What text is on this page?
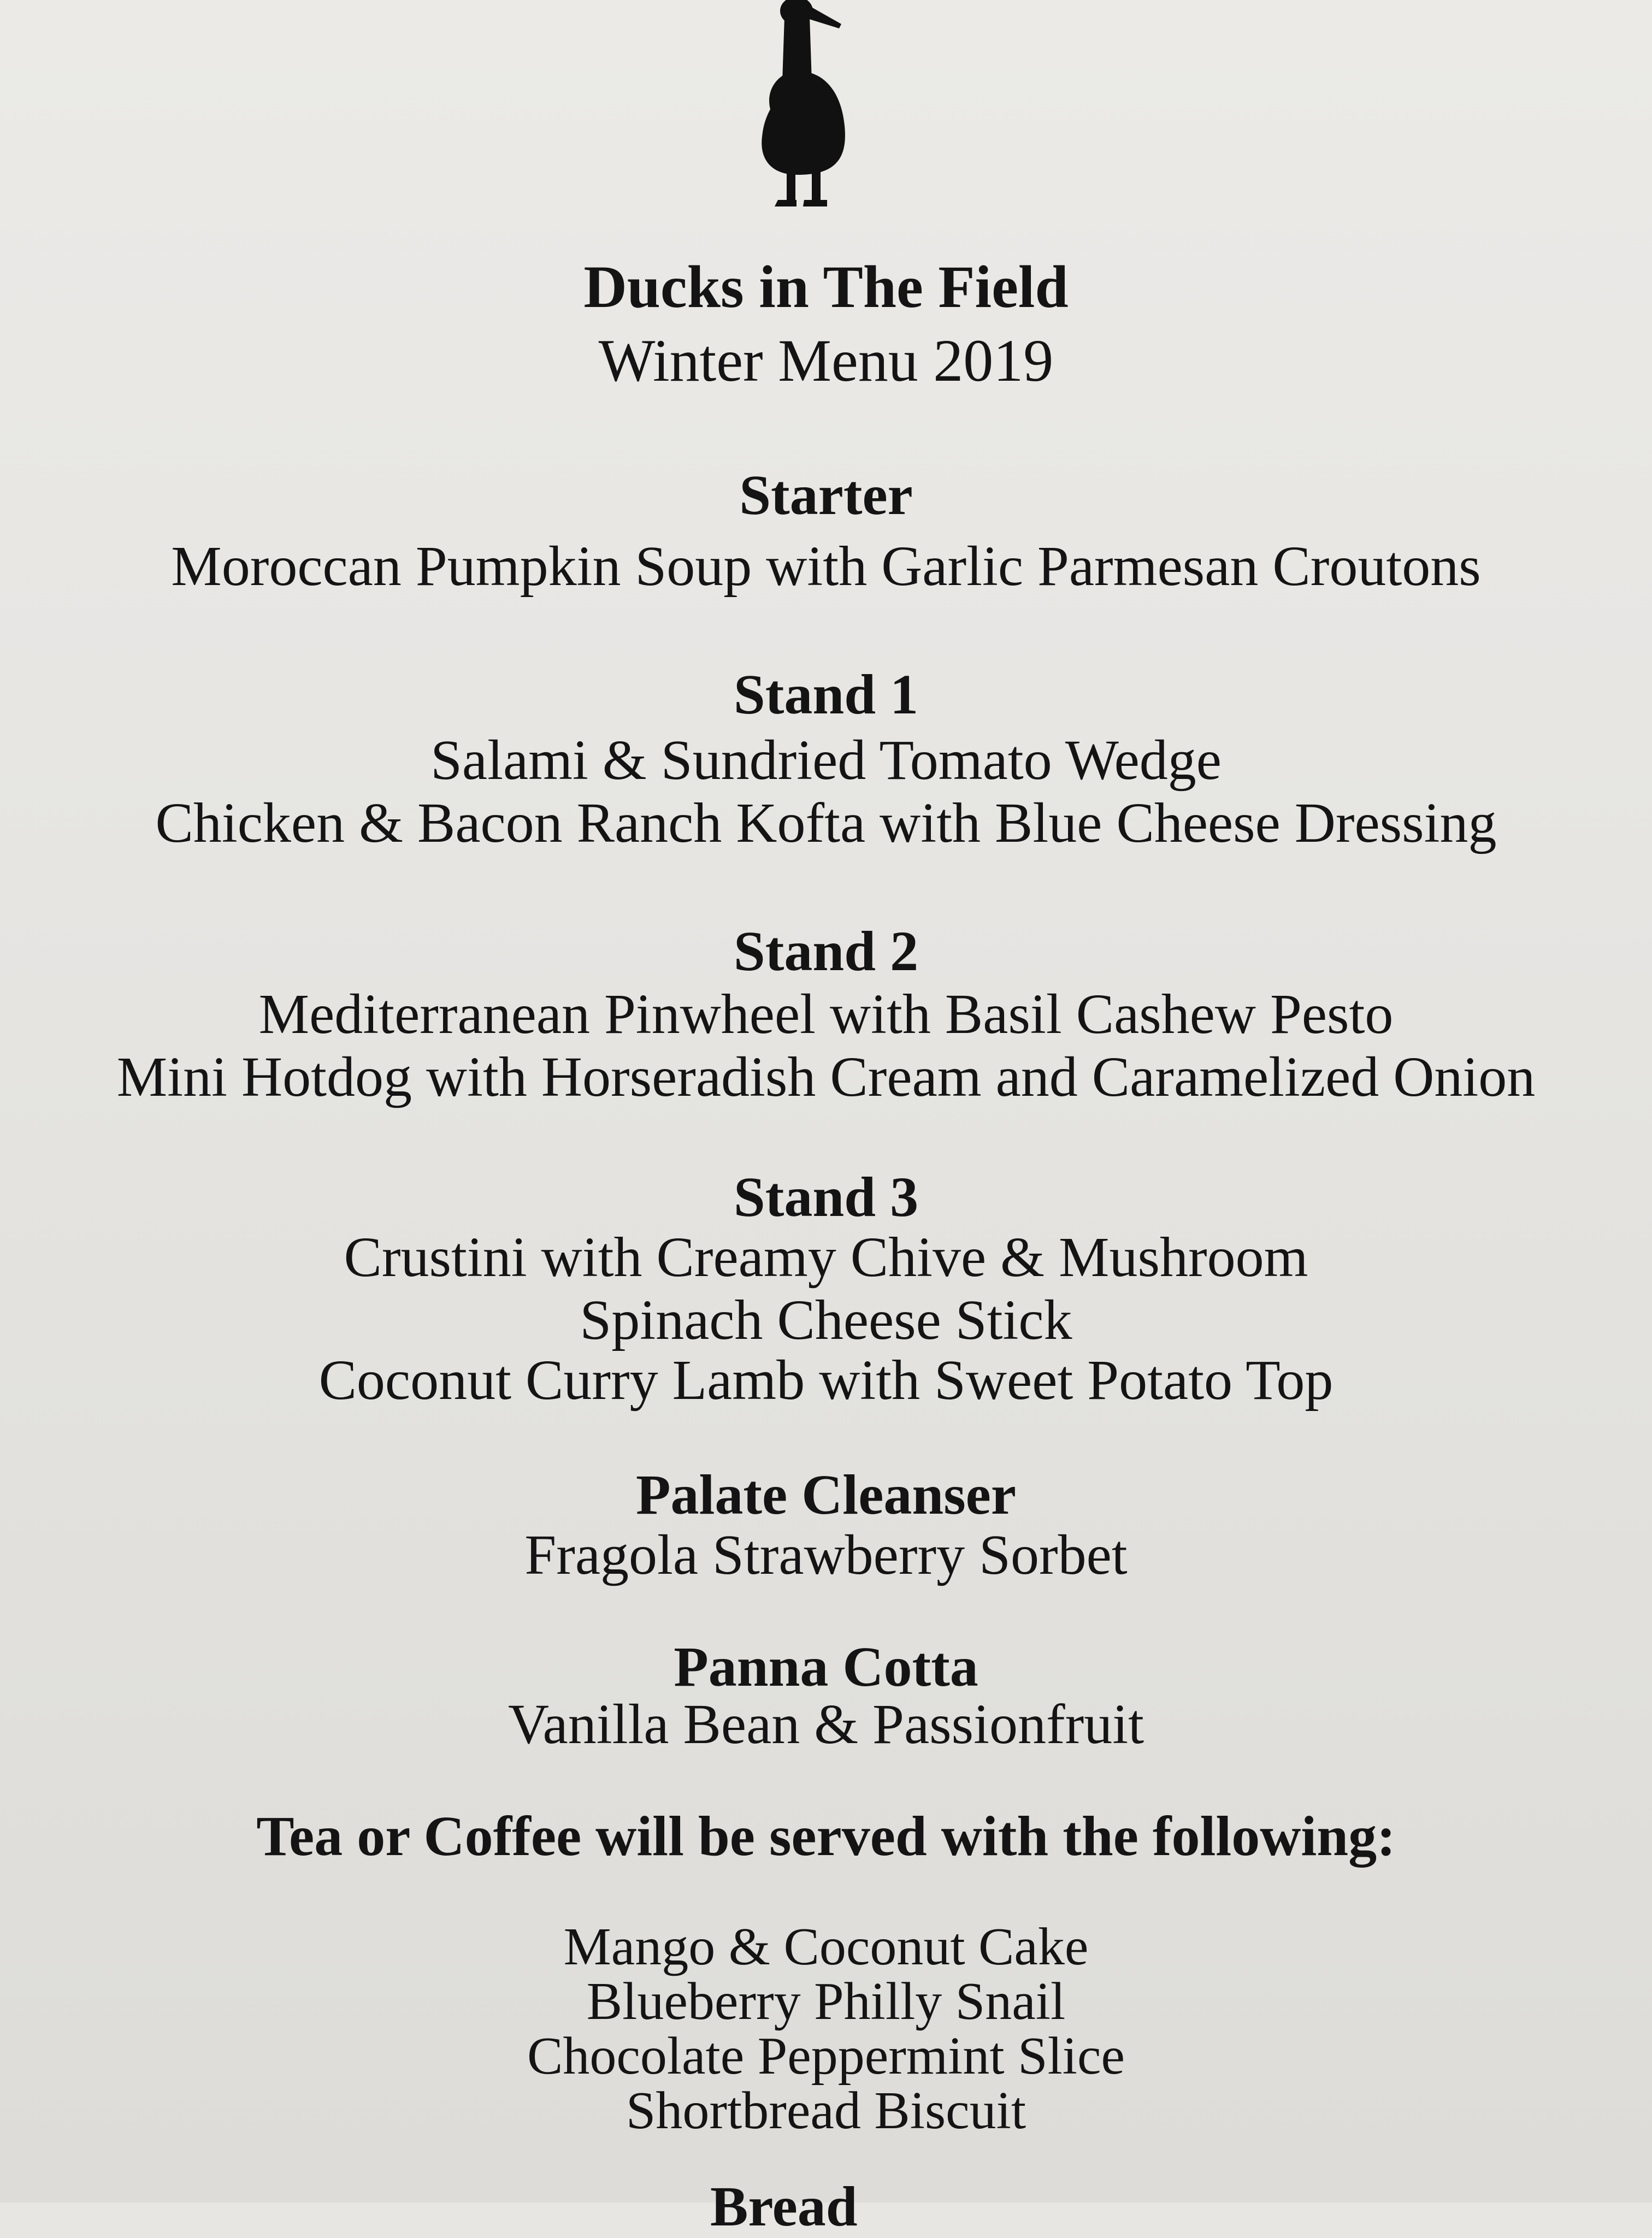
Ducks in The Field
Winter Menu 2019
Starter
Moroccan Pumpkin Soup with Garlic Parmesan Croutons
Stand 1
Salami & Sundried Tomato Wedge
Chicken & Bacon Ranch Kofta with Blue Cheese Dressing
Stand 2
Mediterranean Pinwheel with Basil Cashew Pesto
Mini Hotdog with Horseradish Cream and Caramelized Onion
Stand 3
Crustini with Creamy Chive & Mushroom
Spinach Cheese Stick
Coconut Curry Lamb with Sweet Potato Top
Palate Cleanser
Fragola Strawberry Sorbet
Panna Cotta
Vanilla Bean & Passionfruit
Tea or Coffee will be served with the following:
Mango & Coconut Cake
Blueberry Philly Snail
Chocolate Peppermint Slice
Shortbread Biscuit
Bread
